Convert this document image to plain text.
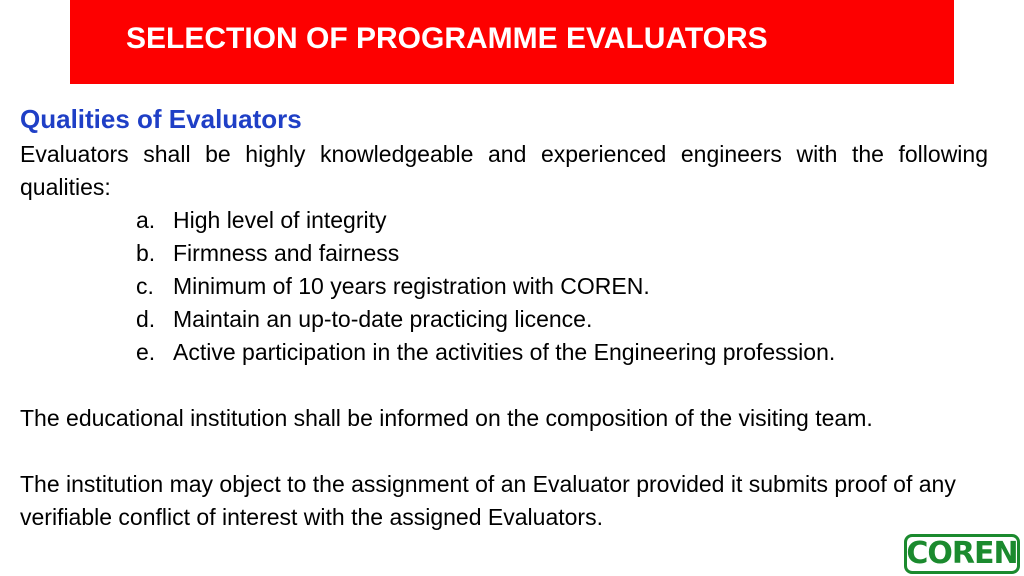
SELECTION OF PROGRAMME EVALUATORS
Qualities of Evaluators

Evaluators shall be highly knowledgeable and experienced engineers with the following qualities:

a. High level of integrity
b. Firmness and fairness
c. Minimum of 10 years registration with COREN.
d. Maintain an up-to-date practicing licence.
e. Active participation in the activities of the Engineering profession.

The educational institution shall be informed on the composition of the visiting team.

The institution may object to the assignment of an Evaluator provided it submits proof of any verifiable conflict of interest with the assigned Evaluators.

COREN
